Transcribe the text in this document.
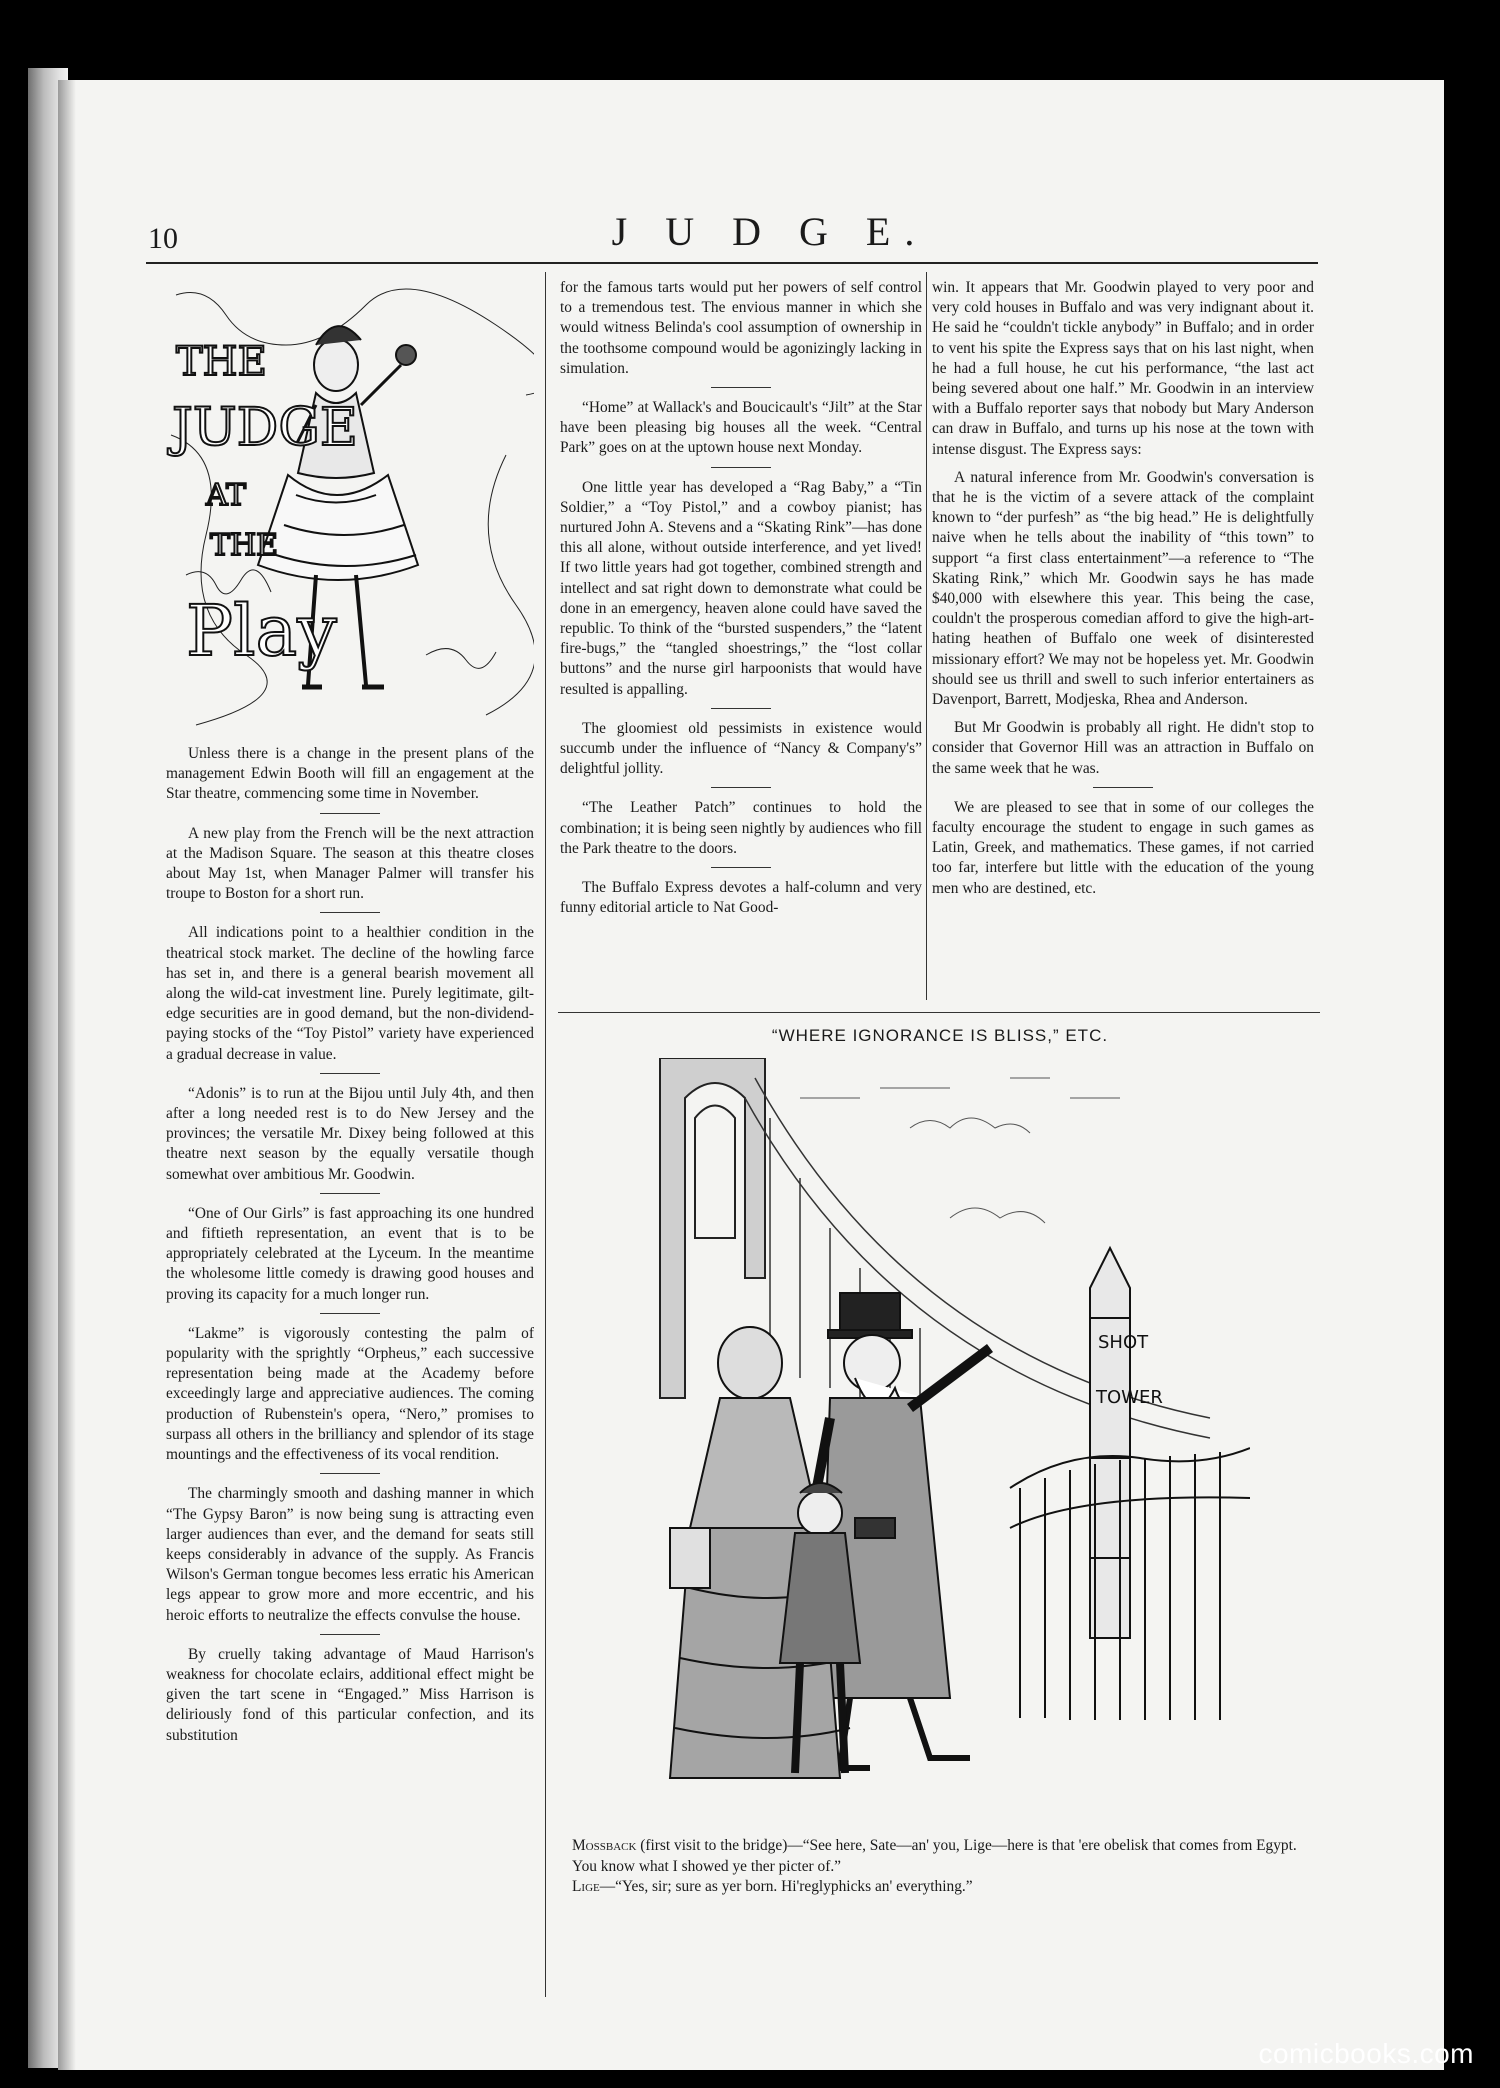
10	J U D G E.
THE
JUDGE
AT
THE
Play

Unless there is a change in the present plans of the management Edwin Booth will fill an engagement at the Star theatre, commencing some time in November.

A new play from the French will be the next attraction at the Madison Square. The season at this theatre closes about May 1st, when Manager Palmer will transfer his troupe to Boston for a short run.

All indications point to a healthier condition in the theatrical stock market. The decline of the howling farce has set in, and there is a general bearish movement all along the wild-cat investment line. Purely legitimate, gilt-edge securities are in good demand, but the non-dividend-paying stocks of the “Toy Pistol” variety have experienced a gradual decrease in value.

“Adonis” is to run at the Bijou until July 4th, and then after a long needed rest is to do New Jersey and the provinces; the versatile Mr. Dixey being followed at this theatre next season by the equally versatile though somewhat over ambitious Mr. Goodwin.

“One of Our Girls” is fast approaching its one hundred and fiftieth representation, an event that is to be appropriately celebrated at the Lyceum. In the meantime the wholesome little comedy is drawing good houses and proving its capacity for a much longer run.

“Lakme” is vigorously contesting the palm of popularity with the sprightly “Orpheus,” each successive representation being made at the Academy before exceedingly large and appreciative audiences. The coming production of Rubenstein's opera, “Nero,” promises to surpass all others in the brilliancy and splendor of its stage mountings and the effectiveness of its vocal rendition.

The charmingly smooth and dashing manner in which “The Gypsy Baron” is now being sung is attracting even larger audiences than ever, and the demand for seats still keeps considerably in advance of the supply. As Francis Wilson's German tongue becomes less erratic his American legs appear to grow more and more eccentric, and his heroic efforts to neutralize the effects convulse the house.

By cruelly taking advantage of Maud Harrison's weakness for chocolate eclairs, additional effect might be given the tart scene in “Engaged.” Miss Harrison is deliriously fond of this particular confection, and its substitution

for the famous tarts would put her powers of self control to a tremendous test. The envious manner in which she would witness Belinda's cool assumption of ownership in the toothsome compound would be agonizingly lacking in simulation.

“Home” at Wallack's and Boucicault's “Jilt” at the Star have been pleasing big houses all the week. “Central Park” goes on at the uptown house next Monday.

One little year has developed a “Rag Baby,” a “Tin Soldier,” a “Toy Pistol,” and a cowboy pianist; has nurtured John A. Stevens and a “Skating Rink”—has done this all alone, without outside interference, and yet lived! If two little years had got together, combined strength and intellect and sat right down to demonstrate what could be done in an emergency, heaven alone could have saved the republic. To think of the “bursted suspenders,” the “latent fire-bugs,” the “tangled shoestrings,” the “lost collar buttons” and the nurse girl harpoonists that would have resulted is appalling.

The gloomiest old pessimists in existence would succumb under the influence of “Nancy & Company's” delightful jollity.

“The Leather Patch” continues to hold the combination; it is being seen nightly by audiences who fill the Park theatre to the doors.

The Buffalo Express devotes a half-column and very funny editorial article to Nat Good-

win. It appears that Mr. Goodwin played to very poor and very cold houses in Buffalo and was very indignant about it. He said he “couldn't tickle anybody” in Buffalo; and in order to vent his spite the Express says that on his last night, when he had a full house, he cut his performance, “the last act being severed about one half.” Mr. Goodwin in an interview with a Buffalo reporter says that nobody but Mary Anderson can draw in Buffalo, and turns up his nose at the town with intense disgust. The Express says:

A natural inference from Mr. Goodwin's conversation is that he is the victim of a severe attack of the complaint known to “der purfesh” as “the big head.” He is delightfully naive when he tells about the inability of “this town” to support “a first class entertainment”—a reference to “The Skating Rink,” which Mr. Goodwin says he has made $40,000 with elsewhere this year. This being the case, couldn't the prosperous comedian afford to give the high-art-hating heathen of Buffalo one week of disinterested missionary effort? We may not be hopeless yet. Mr. Goodwin should see us thrill and swell to such inferior entertainers as Davenport, Barrett, Modjeska, Rhea and Anderson.

But Mr Goodwin is probably all right. He didn't stop to consider that Governor Hill was an attraction in Buffalo on the same week that he was.

We are pleased to see that in some of our colleges the faculty encourage the student to engage in such games as Latin, Greek, and mathematics. These games, if not carried too far, interfere but little with the education of the young men who are destined, etc.

“WHERE IGNORANCE IS BLISS,” ETC.
SHOT
TOWER

Mossback (first visit to the bridge)—“See here, Sate—an' you, Lige—here is that 'ere obelisk that comes from Egypt. You know what I showed ye ther picter of.”

Lige—“Yes, sir; sure as yer born. Hi'reglyphicks an' everything.”

comicbooks.com
